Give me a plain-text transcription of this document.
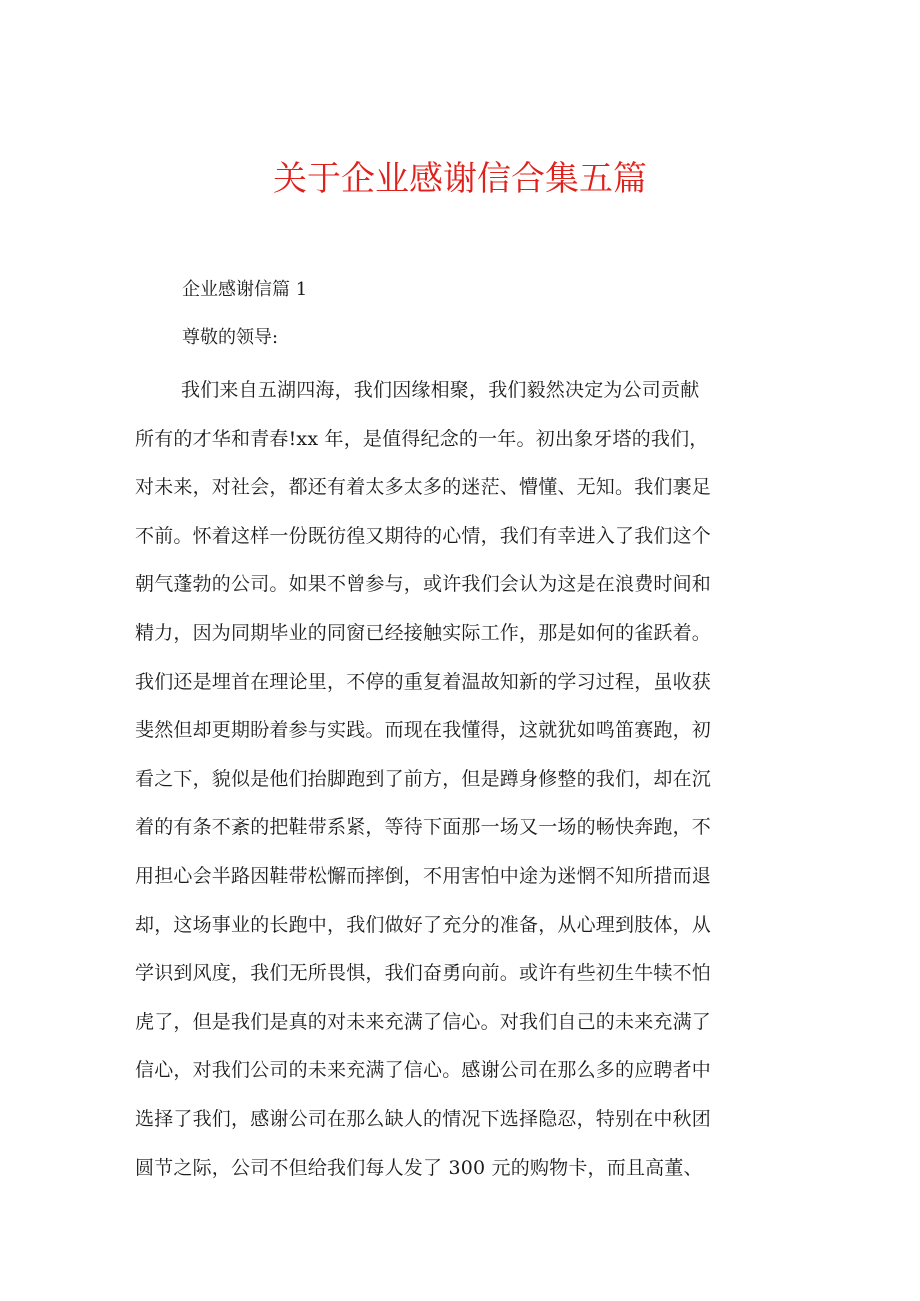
关于企业感谢信合集五篇
企业感谢信篇 1

尊敬的领导:

我们来自五湖四海，我们因缘相聚，我们毅然决定为公司贡献
所有的才华和青春!xx 年，是值得纪念的一年。初出象牙塔的我们，
对未来，对社会，都还有着太多太多的迷茫、懵懂、无知。我们裹足
不前。怀着这样一份既彷徨又期待的心情，我们有幸进入了我们这个
朝气蓬勃的公司。如果不曾参与，或许我们会认为这是在浪费时间和
精力，因为同期毕业的同窗已经接触实际工作，那是如何的雀跃着。
我们还是埋首在理论里，不停的重复着温故知新的学习过程，虽收获
斐然但却更期盼着参与实践。而现在我懂得，这就犹如鸣笛赛跑，初
看之下，貌似是他们抬脚跑到了前方，但是蹲身修整的我们，却在沉
着的有条不紊的把鞋带系紧，等待下面那一场又一场的畅快奔跑，不
用担心会半路因鞋带松懈而摔倒，不用害怕中途为迷惘不知所措而退
却，这场事业的长跑中，我们做好了充分的准备，从心理到肢体，从
学识到风度，我们无所畏惧，我们奋勇向前。或许有些初生牛犊不怕
虎了，但是我们是真的对未来充满了信心。对我们自己的未来充满了
信心，对我们公司的未来充满了信心。感谢公司在那么多的应聘者中
选择了我们，感谢公司在那么缺人的情况下选择隐忍，特别在中秋团
圆节之际，公司不但给我们每人发了 300 元的购物卡，而且高董、
